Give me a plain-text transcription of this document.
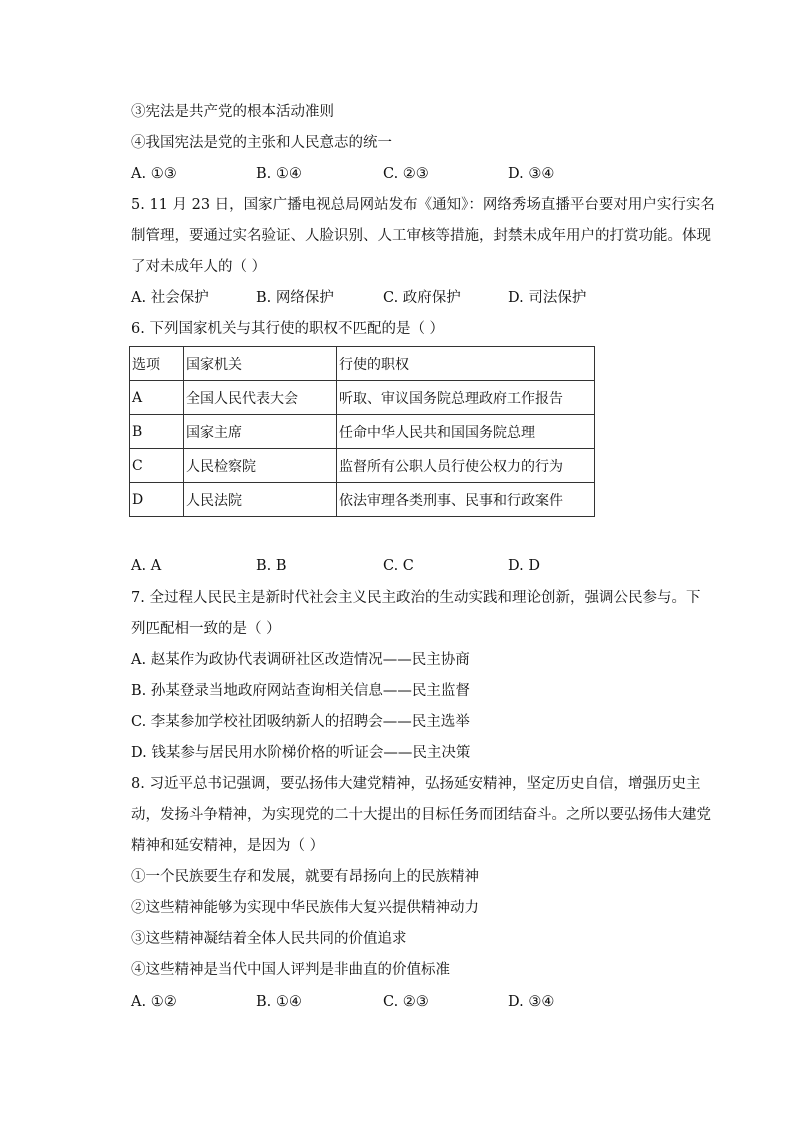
③宪法是共产党的根本活动准则
④我国宪法是党的主张和人民意志的统一
A. ①③	B. ①④	C. ②③	D. ③④
5. 11 月 23 日，国家广播电视总局网站发布《通知》：网络秀场直播平台要对用户实行实名
制管理，要通过实名验证、人脸识别、人工审核等措施，封禁未成年用户的打赏功能。体现
了对未成年人的（ ）
A. 社会保护	B. 网络保护	C. 政府保护	D. 司法保护
6. 下列国家机关与其行使的职权不匹配的是（ ）
选项	国家机关	行使的职权
A	全国人民代表大会	听取、审议国务院总理政府工作报告
B	国家主席	任命中华人民共和国国务院总理
C	人民检察院	监督所有公职人员行使公权力的行为
D	人民法院	依法审理各类刑事、民事和行政案件
A. A	B. B	C. C	D. D
7. 全过程人民民主是新时代社会主义民主政治的生动实践和理论创新，强调公民参与。下
列匹配相一致的是（ ）
A. 赵某作为政协代表调研社区改造情况——民主协商
B. 孙某登录当地政府网站查询相关信息——民主监督
C. 李某参加学校社团吸纳新人的招聘会——民主选举
D. 钱某参与居民用水阶梯价格的听证会——民主决策
8. 习近平总书记强调，要弘扬伟大建党精神，弘扬延安精神，坚定历史自信，增强历史主
动，发扬斗争精神，为实现党的二十大提出的目标任务而团结奋斗。之所以要弘扬伟大建党
精神和延安精神，是因为（ ）
①一个民族要生存和发展，就要有昂扬向上的民族精神
②这些精神能够为实现中华民族伟大复兴提供精神动力
③这些精神凝结着全体人民共同的价值追求
④这些精神是当代中国人评判是非曲直的价值标准
A. ①②	B. ①④	C. ②③	D. ③④
